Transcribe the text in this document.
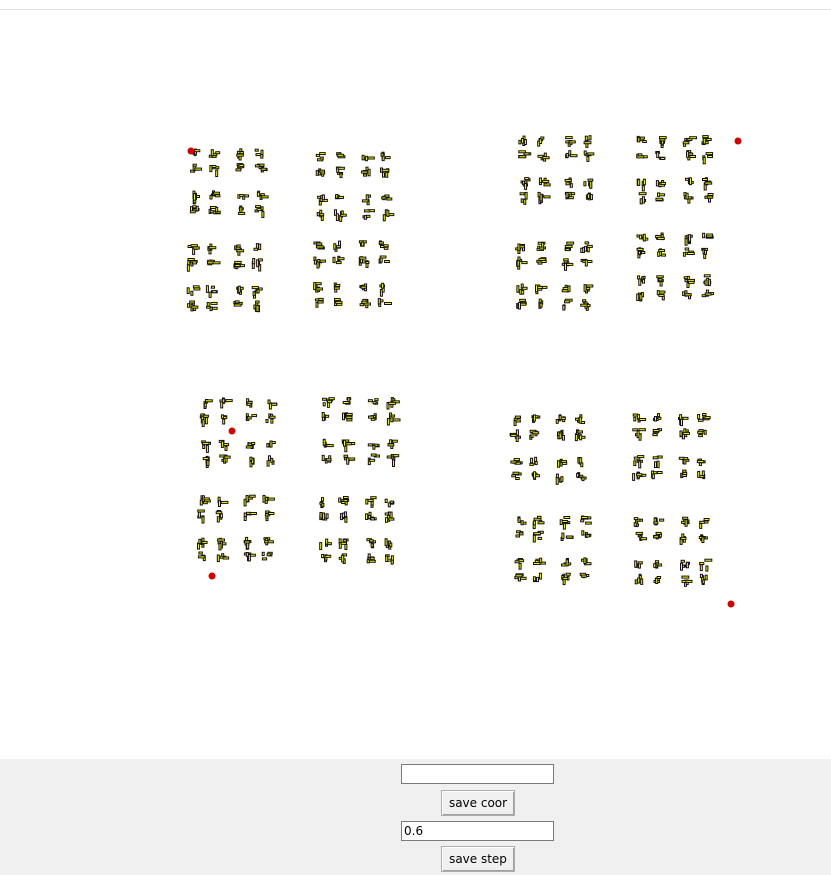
save coor
0.6
save step
